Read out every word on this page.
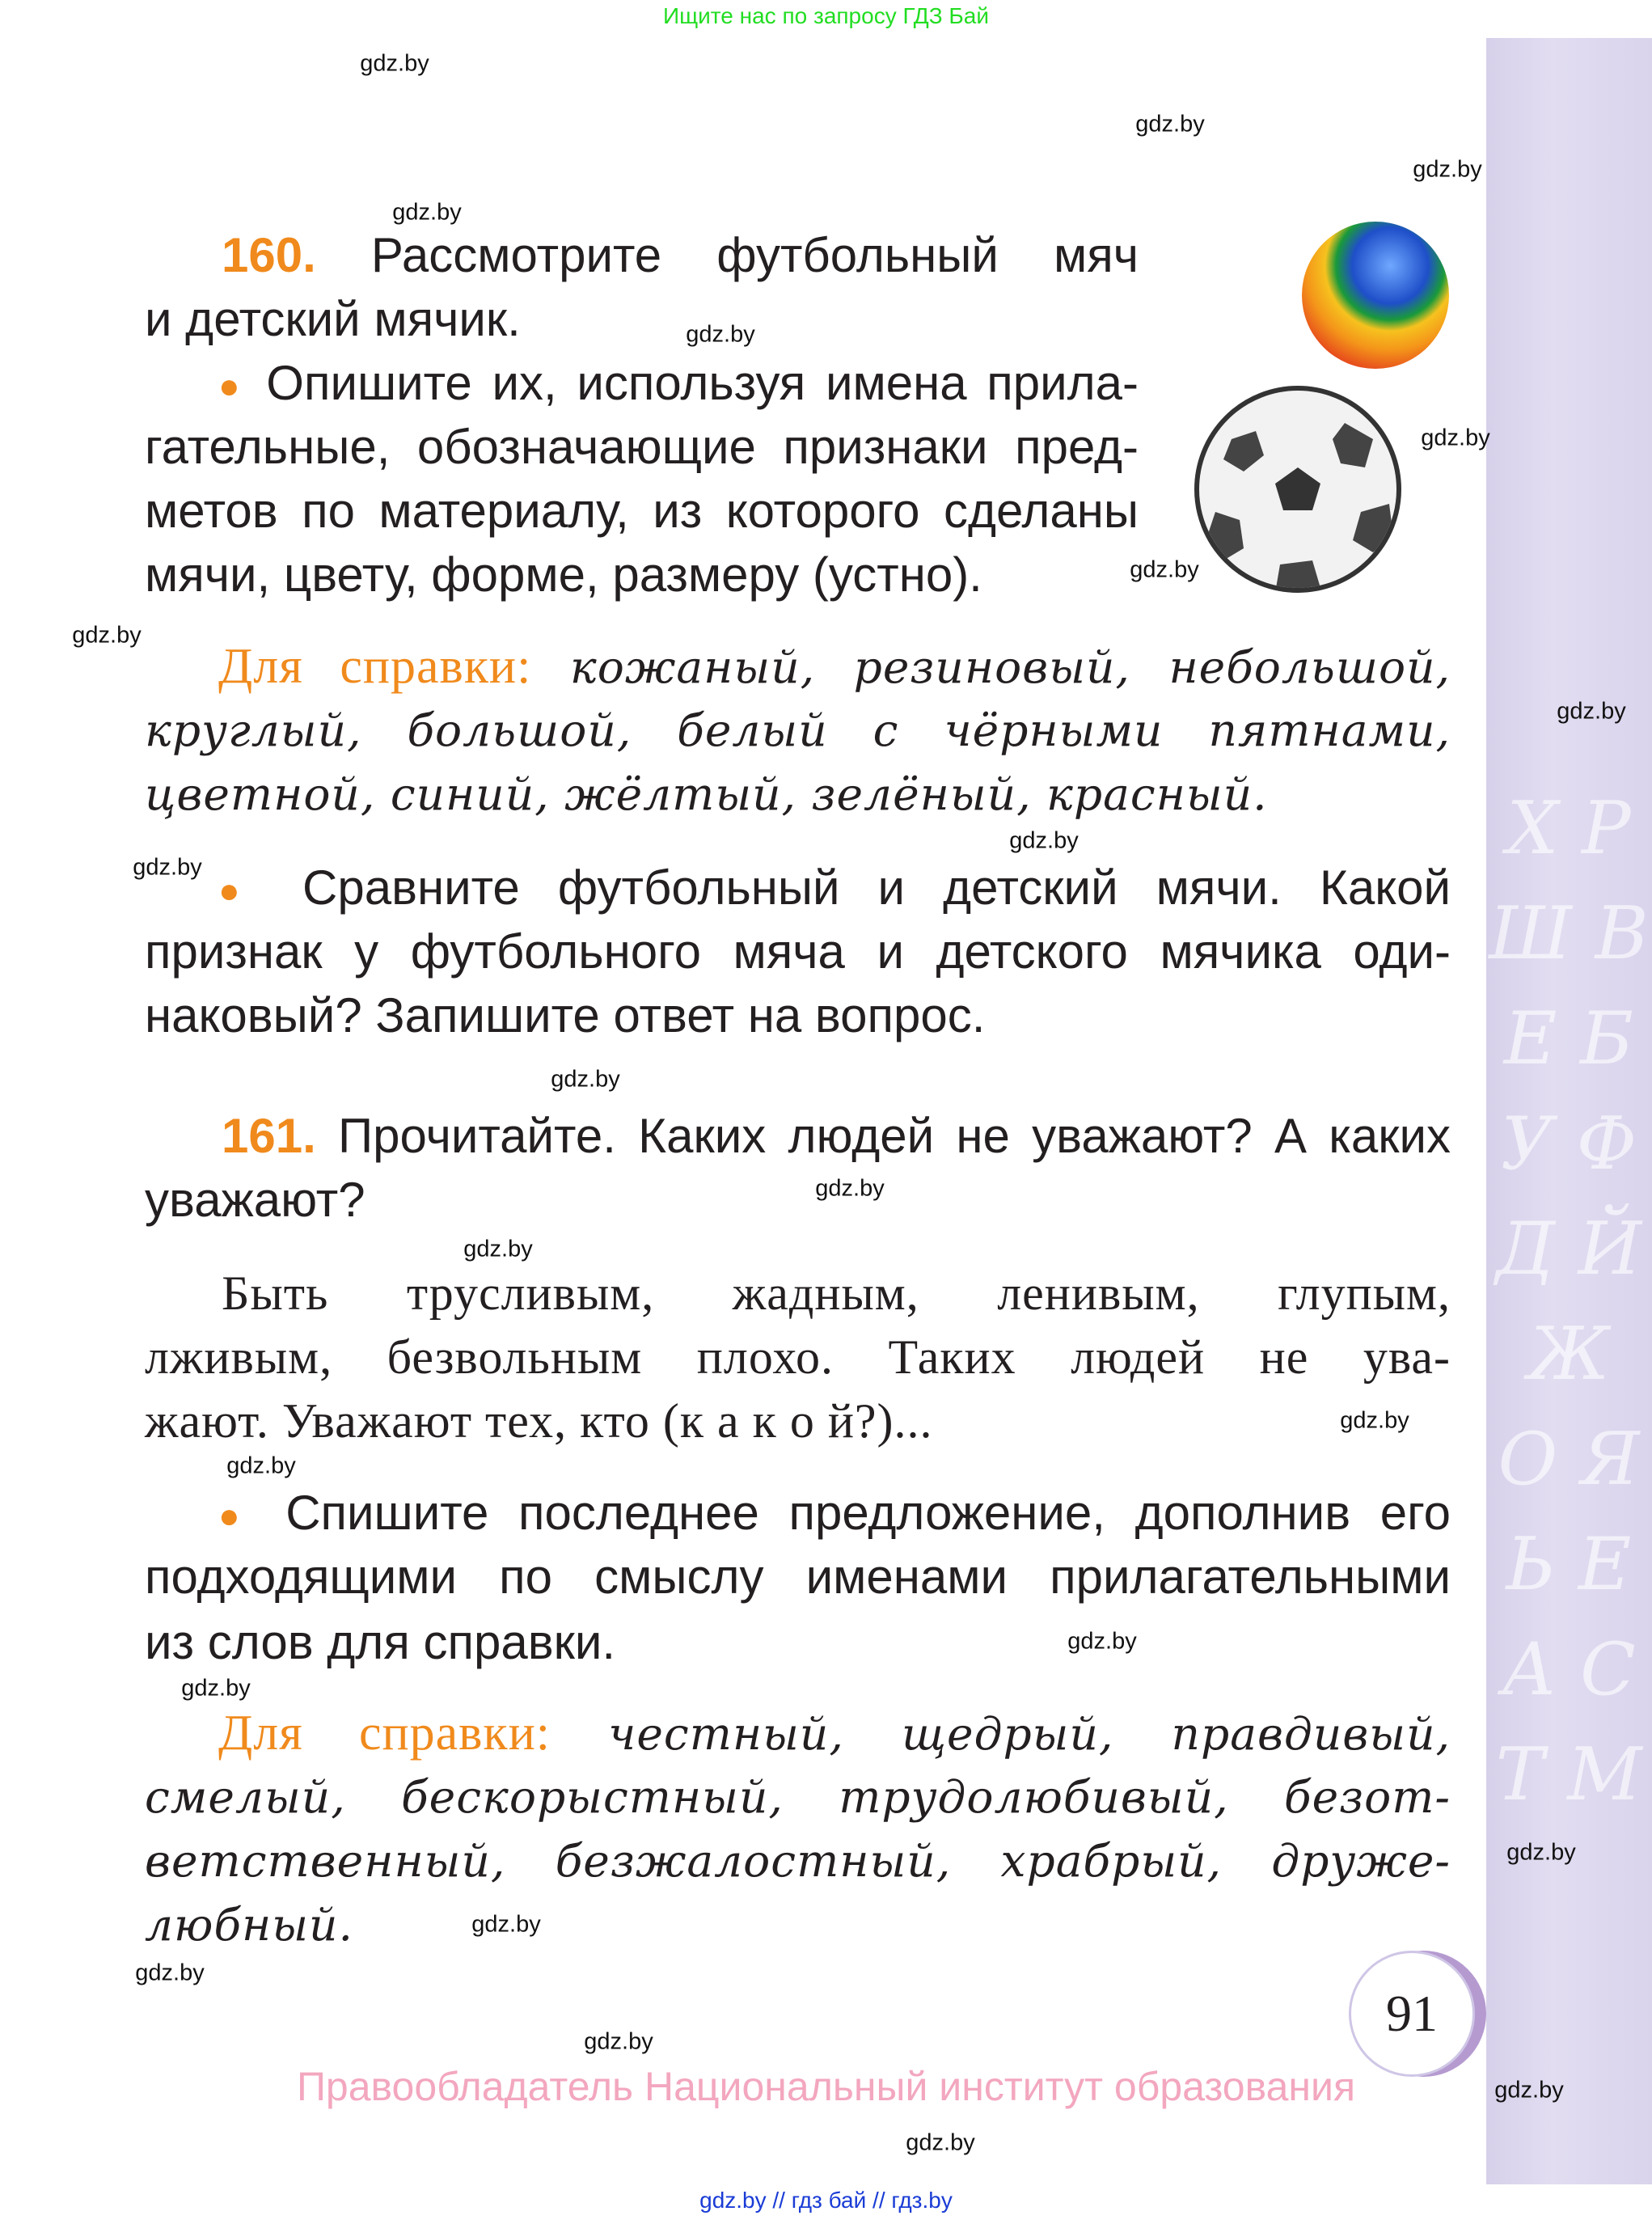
Ищите нас по запросу ГДЗ Бай
Х Р Ш В Е Б У Ф Д Й Ж О Я Ь Е А С Т М
160. Рассмотрите футбольный мяч
и детский мячик.
● Опишите их, используя имена прила-
гательные, обозначающие признаки пред-
метов по материалу, из которого сделаны
мячи, цвету, форме, размеру (устно).
Для справки: кожаный, резиновый, небольшой,
круглый, большой, белый с чёрными пятнами,
цветной, синий, жёлтый, зелёный, красный.
● Сравните футбольный и детский мячи. Какой
признак у футбольного мяча и детского мячика оди-
наковый? Запишите ответ на вопрос.
161. Прочитайте. Каких людей не уважают? А каких
уважают?
Быть трусливым, жадным, ленивым, глупым,
лживым, безвольным плохо. Таких людей не ува-
жают. Уважают тех, кто (к а к о й?)...
● Спишите последнее предложение, дополнив его
подходящими по смыслу именами прилагательными
из слов для справки.
Для справки: честный, щедрый, правдивый,
смелый, бескорыстный, трудолюбивый, безот-
ветственный, безжалостный, храбрый, друже-
любный.
91
Правообладатель Национальный институт образования
gdz.by // гдз бай // гдз.by
gdz.by
gdz.by
gdz.by
gdz.by
gdz.by
gdz.by
gdz.by
gdz.by
gdz.by
gdz.by
gdz.by
gdz.by
gdz.by
gdz.by
gdz.by
gdz.by
gdz.by
gdz.by
gdz.by
gdz.by
gdz.by
gdz.by
gdz.by
gdz.by
